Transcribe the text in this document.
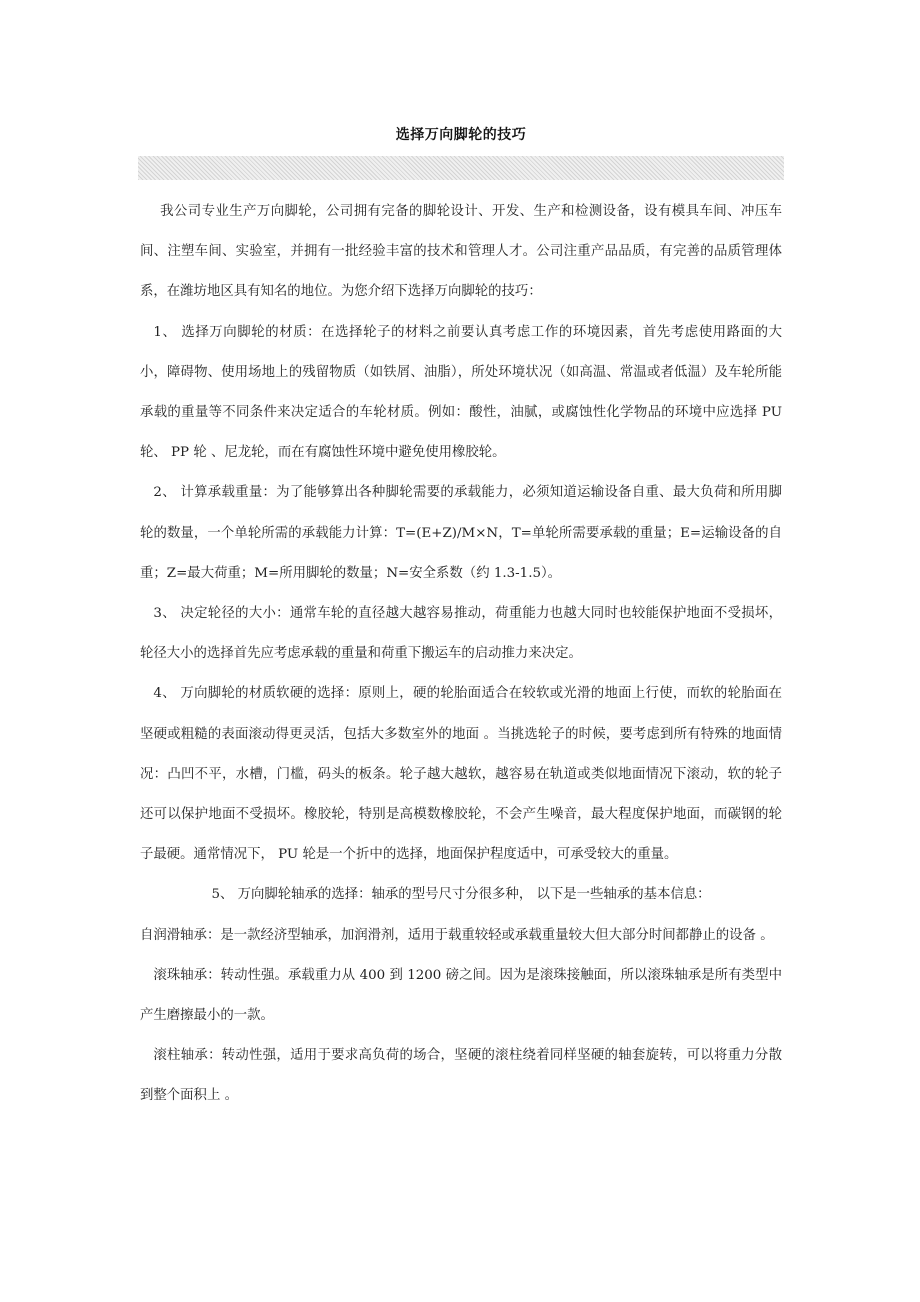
选择万向脚轮的技巧

我公司专业生产万向脚轮，公司拥有完备的脚轮设计、开发、生产和检测设备，设有模具车间、冲压车间、注塑车间、实验室，并拥有一批经验丰富的技术和管理人才。公司注重产品品质，有完善的品质管理体系，在潍坊地区具有知名的地位。为您介绍下选择万向脚轮的技巧：

1、 选择万向脚轮的材质：在选择轮子的材料之前要认真考虑工作的环境因素，首先考虑使用路面的大小，障碍物、使用场地上的残留物质（如铁屑、油脂），所处环境状况（如高温、常温或者低温）及车轮所能承载的重量等不同条件来决定适合的车轮材质。例如：酸性，油腻，或腐蚀性化学物品的环境中应选择 PU 轮、 PP 轮 、尼龙轮，而在有腐蚀性环境中避免使用橡胶轮。

2、 计算承载重量：为了能够算出各种脚轮需要的承载能力，必须知道运输设备自重、最大负荷和所用脚轮的数量，一个单轮所需的承载能力计算：T=(E+Z)/M×N，T=单轮所需要承载的重量；E=运输设备的自重；Z=最大荷重；M=所用脚轮的数量；N=安全系数（约 1.3-1.5）。

3、 决定轮径的大小：通常车轮的直径越大越容易推动，荷重能力也越大同时也较能保护地面不受损坏，轮径大小的选择首先应考虑承载的重量和荷重下搬运车的启动推力来决定。

4、 万向脚轮的材质软硬的选择：原则上，硬的轮胎面适合在较软或光滑的地面上行使，而软的轮胎面在坚硬或粗糙的表面滚动得更灵活，包括大多数室外的地面 。当挑选轮子的时候，要考虑到所有特殊的地面情况：凸凹不平，水槽，门槛，码头的板条。轮子越大越软，越容易在轨道或类似地面情况下滚动，软的轮子还可以保护地面不受损坏。橡胶轮，特别是高模数橡胶轮，不会产生噪音，最大程度保护地面，而碳钢的轮子最硬。通常情况下， PU 轮是一个折中的选择，地面保护程度适中，可承受较大的重量。

5、 万向脚轮轴承的选择：轴承的型号尺寸分很多种， 以下是一些轴承的基本信息：

自润滑轴承：是一款经济型轴承，加润滑剂，适用于载重较轻或承载重量较大但大部分时间都静止的设备 。

滚珠轴承：转动性强。承载重力从 400 到 1200 磅之间。因为是滚珠接触面，所以滚珠轴承是所有类型中产生磨擦最小的一款。

滚柱轴承：转动性强，适用于要求高负荷的场合，坚硬的滚柱绕着同样坚硬的轴套旋转，可以将重力分散到整个面积上 。
